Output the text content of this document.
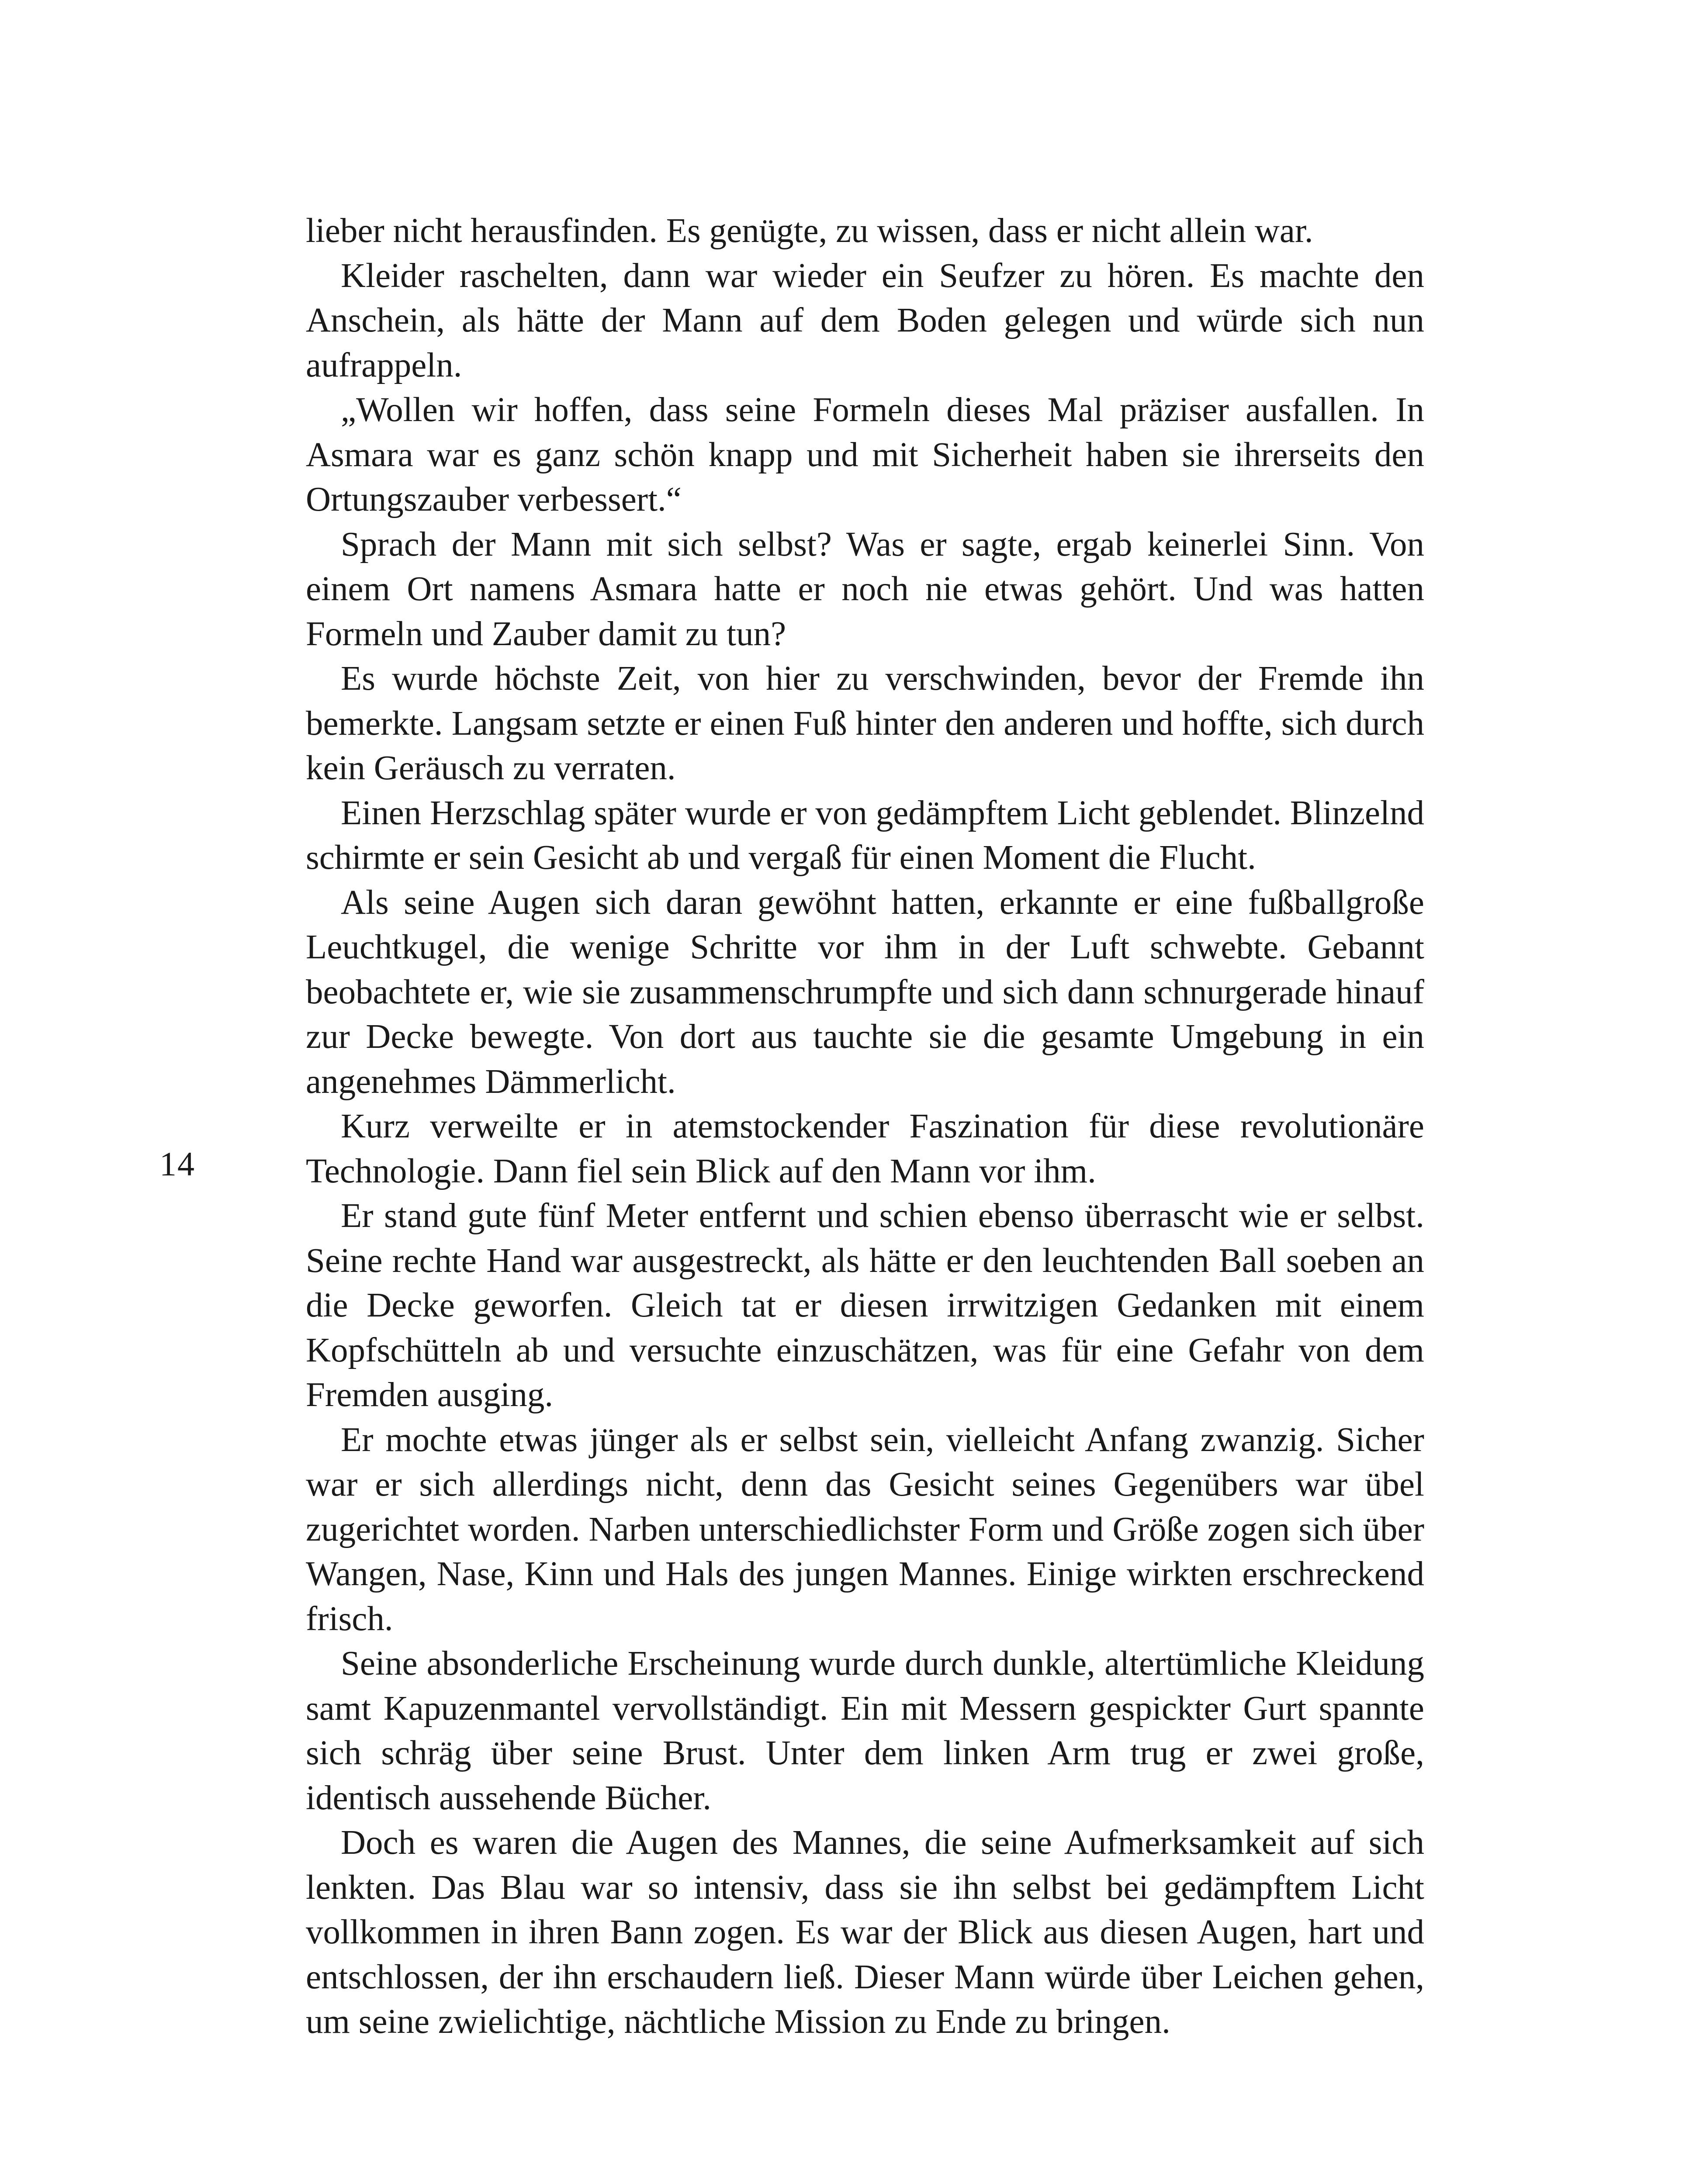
lieber nicht herausfinden. Es genügte, zu wissen, dass er nicht allein war.

Kleider raschelten, dann war wieder ein Seufzer zu hören. Es machte den Anschein, als hätte der Mann auf dem Boden gelegen und würde sich nun aufrappeln.

„Wollen wir hoffen, dass seine Formeln dieses Mal präziser ausfallen. In Asmara war es ganz schön knapp und mit Sicherheit haben sie ihrerseits den Ortungszauber verbessert.“

Sprach der Mann mit sich selbst? Was er sagte, ergab keinerlei Sinn. Von einem Ort namens Asmara hatte er noch nie etwas gehört. Und was hatten Formeln und Zauber damit zu tun?

Es wurde höchste Zeit, von hier zu verschwinden, bevor der Fremde ihn bemerkte. Langsam setzte er einen Fuß hinter den anderen und hoffte, sich durch kein Geräusch zu verraten.

Einen Herzschlag später wurde er von gedämpftem Licht geblendet. Blinzelnd schirmte er sein Gesicht ab und vergaß für einen Moment die Flucht.

Als seine Augen sich daran gewöhnt hatten, erkannte er eine fußballgroße Leuchtkugel, die wenige Schritte vor ihm in der Luft schwebte. Gebannt beobachtete er, wie sie zusammenschrumpfte und sich dann schnurgerade hinauf zur Decke bewegte. Von dort aus tauchte sie die gesamte Umgebung in ein angenehmes Dämmerlicht.

Kurz verweilte er in atemstockender Faszination für diese revolutionäre Technologie. Dann fiel sein Blick auf den Mann vor ihm.

Er stand gute fünf Meter entfernt und schien ebenso überrascht wie er selbst. Seine rechte Hand war ausgestreckt, als hätte er den leuchtenden Ball soeben an die Decke geworfen. Gleich tat er diesen irrwitzigen Gedanken mit einem Kopfschütteln ab und versuchte einzuschätzen, was für eine Gefahr von dem Fremden ausging.

Er mochte etwas jünger als er selbst sein, vielleicht Anfang zwanzig. Sicher war er sich allerdings nicht, denn das Gesicht seines Gegenübers war übel zugerichtet worden. Narben unterschiedlichster Form und Größe zogen sich über Wangen, Nase, Kinn und Hals des jungen Mannes. Einige wirkten erschreckend frisch.

Seine absonderliche Erscheinung wurde durch dunkle, altertümliche Kleidung samt Kapuzenmantel vervollständigt. Ein mit Messern gespickter Gurt spannte sich schräg über seine Brust. Unter dem linken Arm trug er zwei große, identisch aussehende Bücher.

Doch es waren die Augen des Mannes, die seine Aufmerksamkeit auf sich lenkten. Das Blau war so intensiv, dass sie ihn selbst bei gedämpftem Licht vollkommen in ihren Bann zogen. Es war der Blick aus diesen Augen, hart und entschlossen, der ihn erschaudern ließ. Dieser Mann würde über Leichen gehen, um seine zwielichtige, nächtliche Mission zu Ende zu bringen.

14
